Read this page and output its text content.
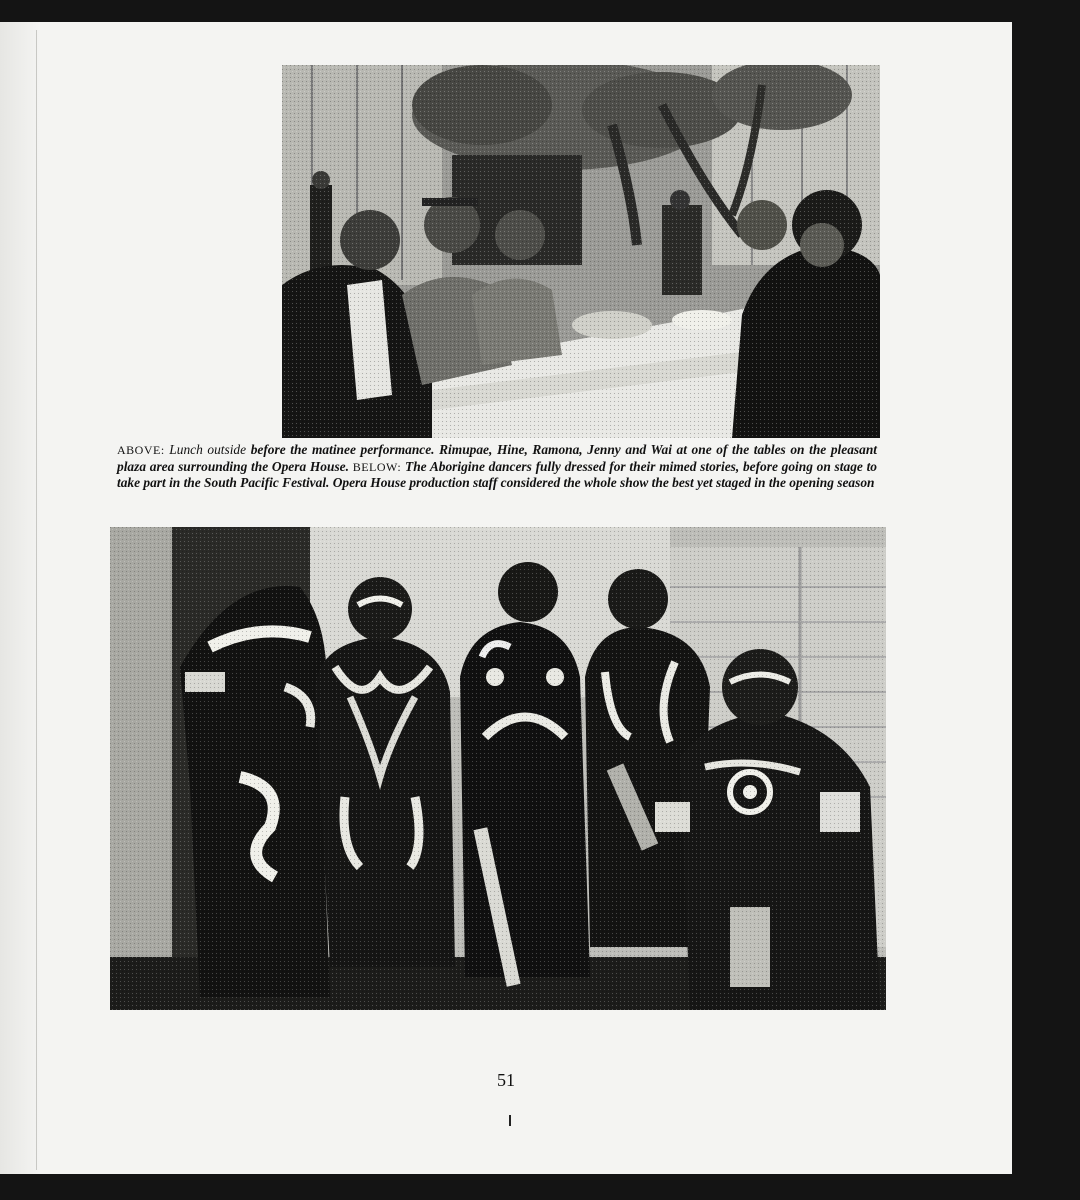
ABOVE: Lunch outside before the matinee performance. Rimupae, Hine, Ramona, Jenny and Wai at one of the tables on the pleasant plaza area surrounding the Opera House. BELOW: The Aborigine dancers fully dressed for their mimed stories, before going on stage to take part in the South Pacific Festival. Opera House production staff considered the whole show the best yet staged in the opening season
51
